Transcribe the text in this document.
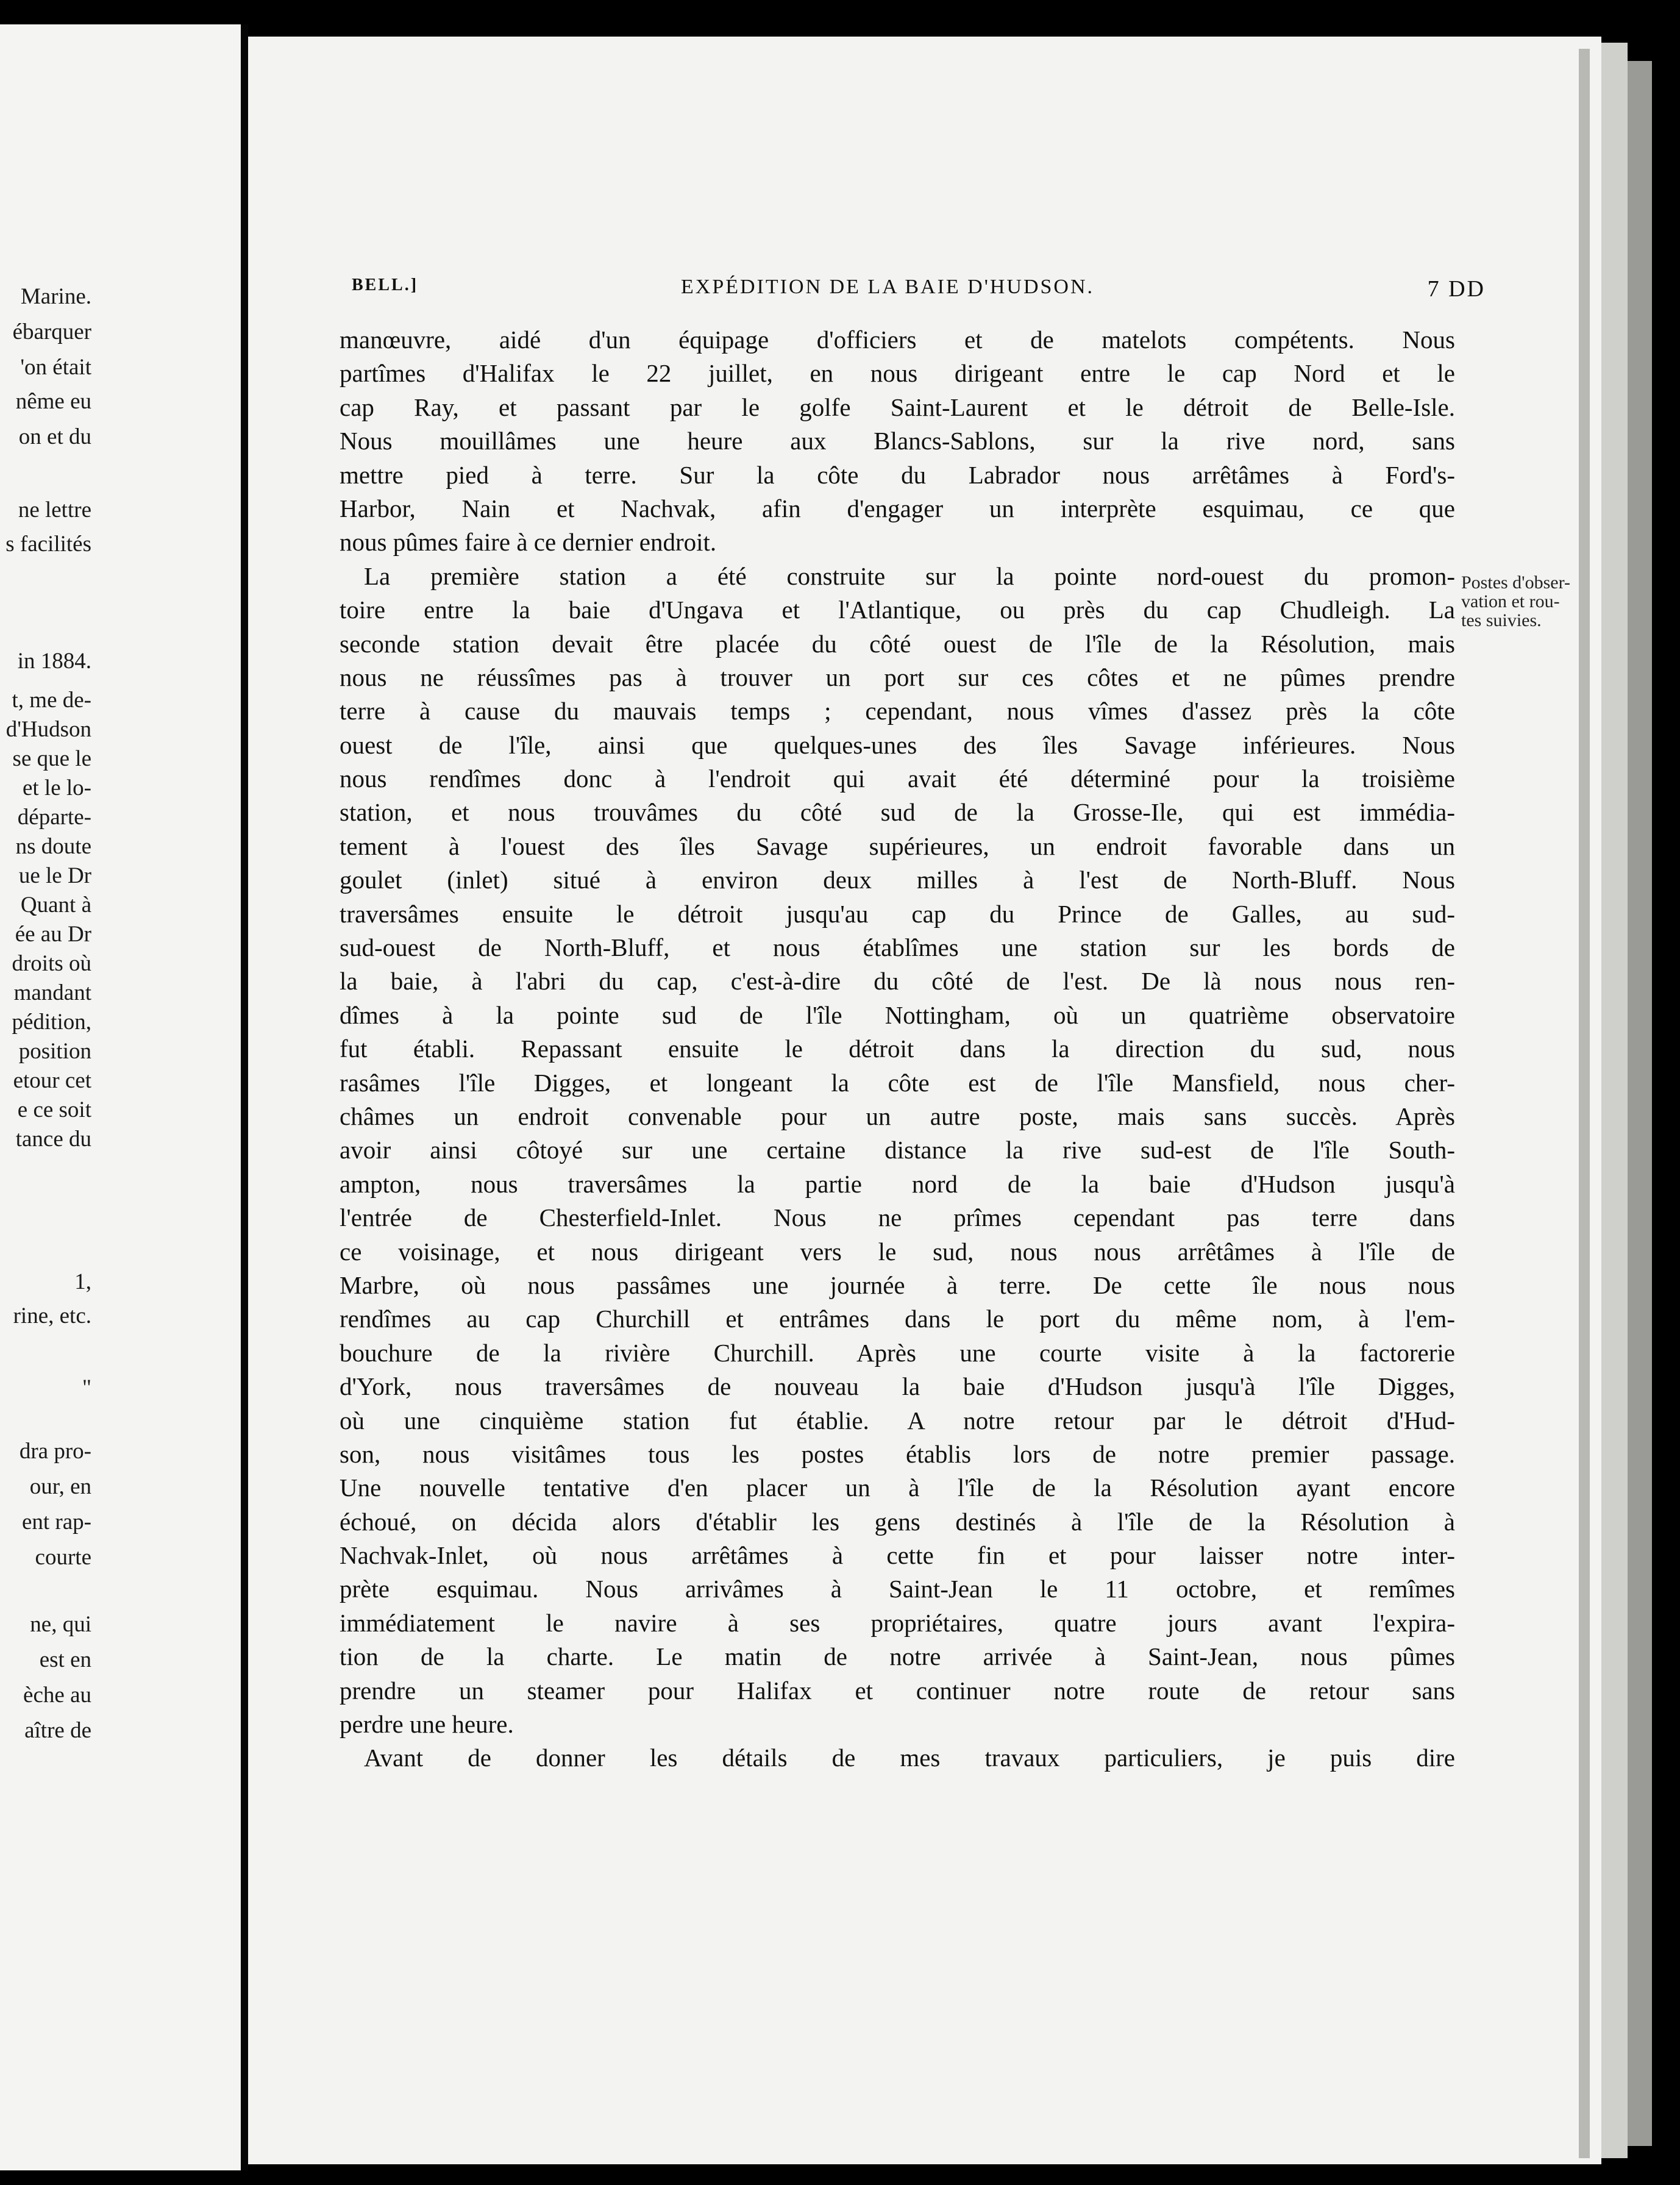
Marine.
ébarquer
'on était
nême eu
on et du
ne lettre
s facilités
in 1884.
t, me de-
d'Hudson
se que le
et le lo-
départe-
ns doute
ue le Dr
Quant à
ée au Dr
droits où
mandant
pédition,
position
etour cet
e ce soit
tance du
1,
rine, etc.
"
dra pro-
our, en
ent rap-
courte
ne, qui
est en
èche au
aître de
BELL.]	EXPÉDITION DE LA BAIE D'HUDSON.	7 DD
manœuvre, aidé d'un équipage d'officiers et de matelots compétents. Nous
partîmes d'Halifax le 22 juillet, en nous dirigeant entre le cap Nord et le
cap Ray, et passant par le golfe Saint-Laurent et le détroit de Belle-Isle.
Nous mouillâmes une heure aux Blancs-Sablons, sur la rive nord, sans
mettre pied à terre. Sur la côte du Labrador nous arrêtâmes à Ford's-
Harbor, Nain et Nachvak, afin d'engager un interprète esquimau, ce que
nous pûmes faire à ce dernier endroit.
La première station a été construite sur la pointe nord-ouest du promon-
toire entre la baie d'Ungava et l'Atlantique, ou près du cap Chudleigh. La
seconde station devait être placée du côté ouest de l'île de la Résolution, mais
nous ne réussîmes pas à trouver un port sur ces côtes et ne pûmes prendre
terre à cause du mauvais temps ; cependant, nous vîmes d'assez près la côte
ouest de l'île, ainsi que quelques-unes des îles Savage inférieures. Nous
nous rendîmes donc à l'endroit qui avait été déterminé pour la troisième
station, et nous trouvâmes du côté sud de la Grosse-Ile, qui est immédia-
tement à l'ouest des îles Savage supérieures, un endroit favorable dans un
goulet (inlet) situé à environ deux milles à l'est de North-Bluff. Nous
traversâmes ensuite le détroit jusqu'au cap du Prince de Galles, au sud-
sud-ouest de North-Bluff, et nous établîmes une station sur les bords de
la baie, à l'abri du cap, c'est-à-dire du côté de l'est. De là nous nous ren-
dîmes à la pointe sud de l'île Nottingham, où un quatrième observatoire
fut établi. Repassant ensuite le détroit dans la direction du sud, nous
rasâmes l'île Digges, et longeant la côte est de l'île Mansfield, nous cher-
châmes un endroit convenable pour un autre poste, mais sans succès. Après
avoir ainsi côtoyé sur une certaine distance la rive sud-est de l'île South-
ampton, nous traversâmes la partie nord de la baie d'Hudson jusqu'à
l'entrée de Chesterfield-Inlet. Nous ne prîmes cependant pas terre dans
ce voisinage, et nous dirigeant vers le sud, nous nous arrêtâmes à l'île de
Marbre, où nous passâmes une journée à terre. De cette île nous nous
rendîmes au cap Churchill et entrâmes dans le port du même nom, à l'em-
bouchure de la rivière Churchill. Après une courte visite à la factorerie
d'York, nous traversâmes de nouveau la baie d'Hudson jusqu'à l'île Digges,
où une cinquième station fut établie. A notre retour par le détroit d'Hud-
son, nous visitâmes tous les postes établis lors de notre premier passage.
Une nouvelle tentative d'en placer un à l'île de la Résolution ayant encore
échoué, on décida alors d'établir les gens destinés à l'île de la Résolution à
Nachvak-Inlet, où nous arrêtâmes à cette fin et pour laisser notre inter-
prète esquimau. Nous arrivâmes à Saint-Jean le 11 octobre, et remîmes
immédiatement le navire à ses propriétaires, quatre jours avant l'expira-
tion de la charte. Le matin de notre arrivée à Saint-Jean, nous pûmes
prendre un steamer pour Halifax et continuer notre route de retour sans
perdre une heure.
Avant de donner les détails de mes travaux particuliers, je puis dire
Postes d'obser-
vation et rou-
tes suivies.
